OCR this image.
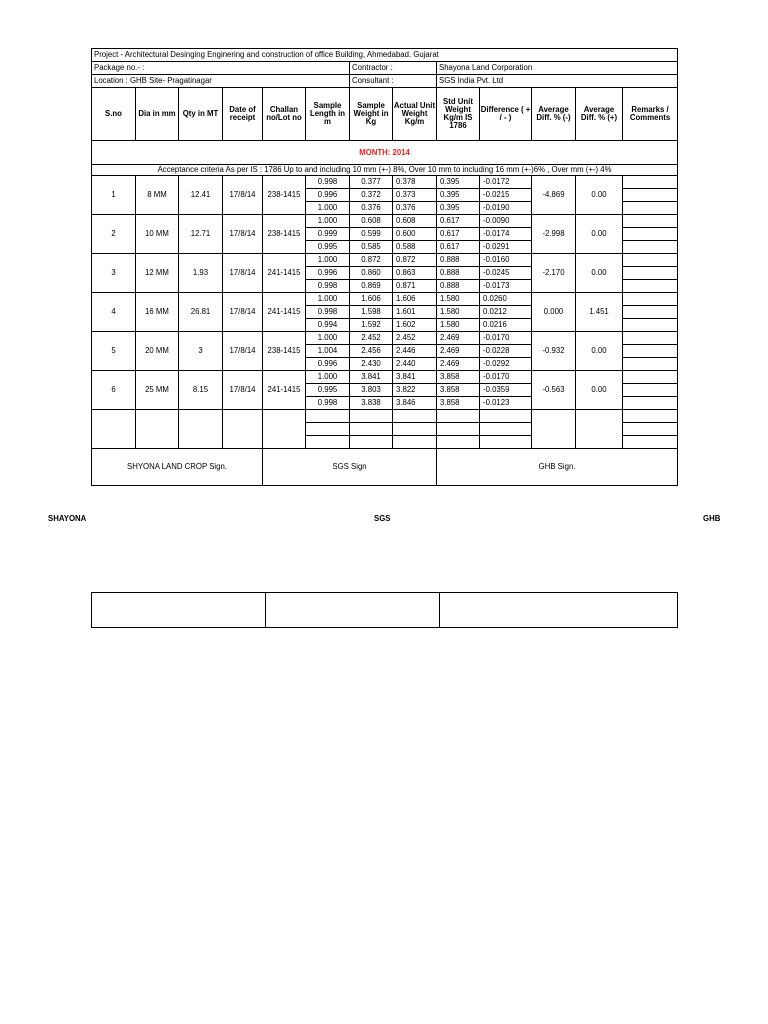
Project - Architectural Desinging Enginering and construction of office Building, Ahmedabad. Gujarat												
Package no.- :						Contractor :		Shayona Land Corporation				
Location : GHB Site- Pragatinagar						Consultant :		SGS India Pvt. Ltd				
S.no	Dia in mm	Qty in MT	Date of receipt	Challan no/Lot no	Sample Length in m	Sample Weight in Kg	Actual Unit Weight Kg/m	Std Unit Weight Kg/m IS 1786	Difference ( + / - )	Average Diff. % (-)	Average Diff. % (+)	Remarks / Comments
MONTH: 2014												
Acceptance criteria As per IS : 1786 Up to and including 10 mm (+-) 8%, Over 10 mm to including 16 mm (+-)6% , Over mm (+-) 4%												
1	8 MM	12.41	17/8/14	238-1415	0.998	0.377	0.378	0.395	-0.0172	-4.869	0.00	
					0.996	0.372	0.373	0.395	-0.0215			
					1.000	0.376	0.376	0.395	-0.0190			
2	10 MM	12.71	17/8/14	238-1415	1.000	0.608	0.608	0.617	-0.0090	-2.998	0.00	
					0.999	0.599	0.600	0.617	-0.0174			
					0.995	0.585	0.588	0.617	-0.0291			
3	12 MM	1.93	17/8/14	241-1415	1.000	0.872	0.872	0.888	-0.0160	-2.170	0.00	
					0.996	0.860	0.863	0.888	-0.0245			
					0.998	0.869	0.871	0.888	-0.0173			
4	16 MM	26.81	17/8/14	241-1415	1.000	1.606	1.606	1.580	0.0260	0.000	1.451	
					0.998	1.598	1.601	1.580	0.0212			
					0.994	1.592	1.602	1.580	0.0216			
5	20 MM	3	17/8/14	238-1415	1.000	2.452	2.452	2.469	-0.0170	-0.932	0.00	
					1.004	2.456	2.446	2.469	-0.0228			
					0.996	2.430	2.440	2.469	-0.0292			
6	25 MM	8.15	17/8/14	241-1415	1.000	3.841	3.841	3.858	-0.0170	-0.563	0.00	
					0.995	3.803	3.822	3.858	-0.0359			
					0.998	3.838	3.846	3.858	-0.0123			

SHYONA LAND CROP Sign.				SGS Sign				GHB Sign.				
SHAYONA	SGS	GHB
